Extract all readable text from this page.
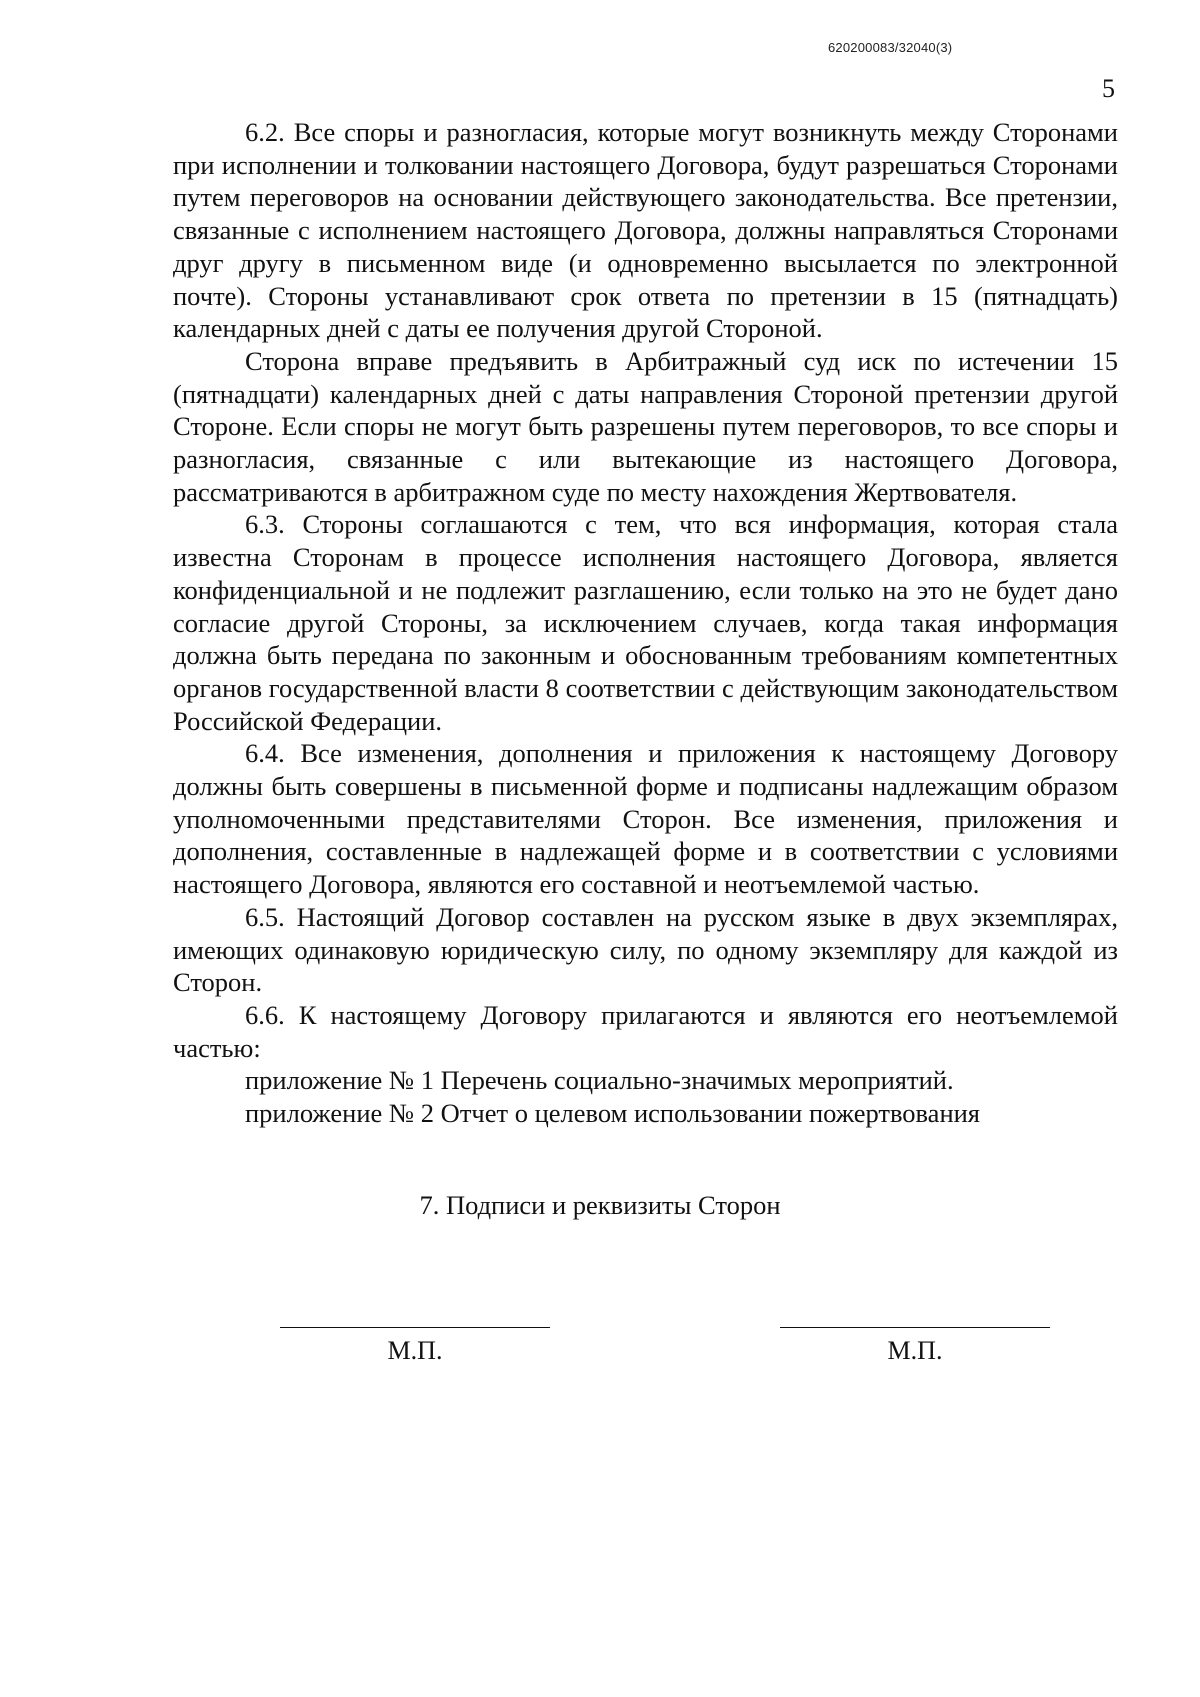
620200083/32040(3)
5

6.2. Все споры и разногласия, которые могут возникнуть между Сторонами при исполнении и толковании настоящего Договора, будут разрешаться Сторонами путем переговоров на основании действующего законодательства. Все претензии, связанные с исполнением настоящего Договора, должны направляться Сторонами друг другу в письменном виде (и одновременно высылается по электронной почте). Стороны устанавливают срок ответа по претензии в 15 (пятнадцать) календарных дней с даты ее получения другой Стороной.

Сторона вправе предъявить в Арбитражный суд иск по истечении 15 (пятнадцати) календарных дней с даты направления Стороной претензии другой Стороне. Если споры не могут быть разрешены путем переговоров, то все споры и разногласия, связанные с или вытекающие из настоящего Договора, рассматриваются в арбитражном суде по месту нахождения Жертвователя.

6.3. Стороны соглашаются с тем, что вся информация, которая стала известна Сторонам в процессе исполнения настоящего Договора, является конфиденциальной и не подлежит разглашению, если только на это не будет дано согласие другой Стороны, за исключением случаев, когда такая информация должна быть передана по законным и обоснованным требованиям компетентных органов государственной власти 8 соответствии с действующим законодательством Российской Федерации.

6.4. Все изменения, дополнения и приложения к настоящему Договору должны быть совершены в письменной форме и подписаны надлежащим образом уполномоченными представителями Сторон. Все изменения, приложения и дополнения, составленные в надлежащей форме и в соответствии с условиями настоящего Договора, являются его составной и неотъемлемой частью.

6.5. Настоящий Договор составлен на русском языке в двух экземплярах, имеющих одинаковую юридическую силу, по одному экземпляру для каждой из Сторон.

6.6. К настоящему Договору прилагаются и являются его неотъемлемой частью:

приложение № 1 Перечень социально-значимых мероприятий.

приложение № 2 Отчет о целевом использовании пожертвования

7. Подписи и реквизиты Сторон
М.П.	М.П.
